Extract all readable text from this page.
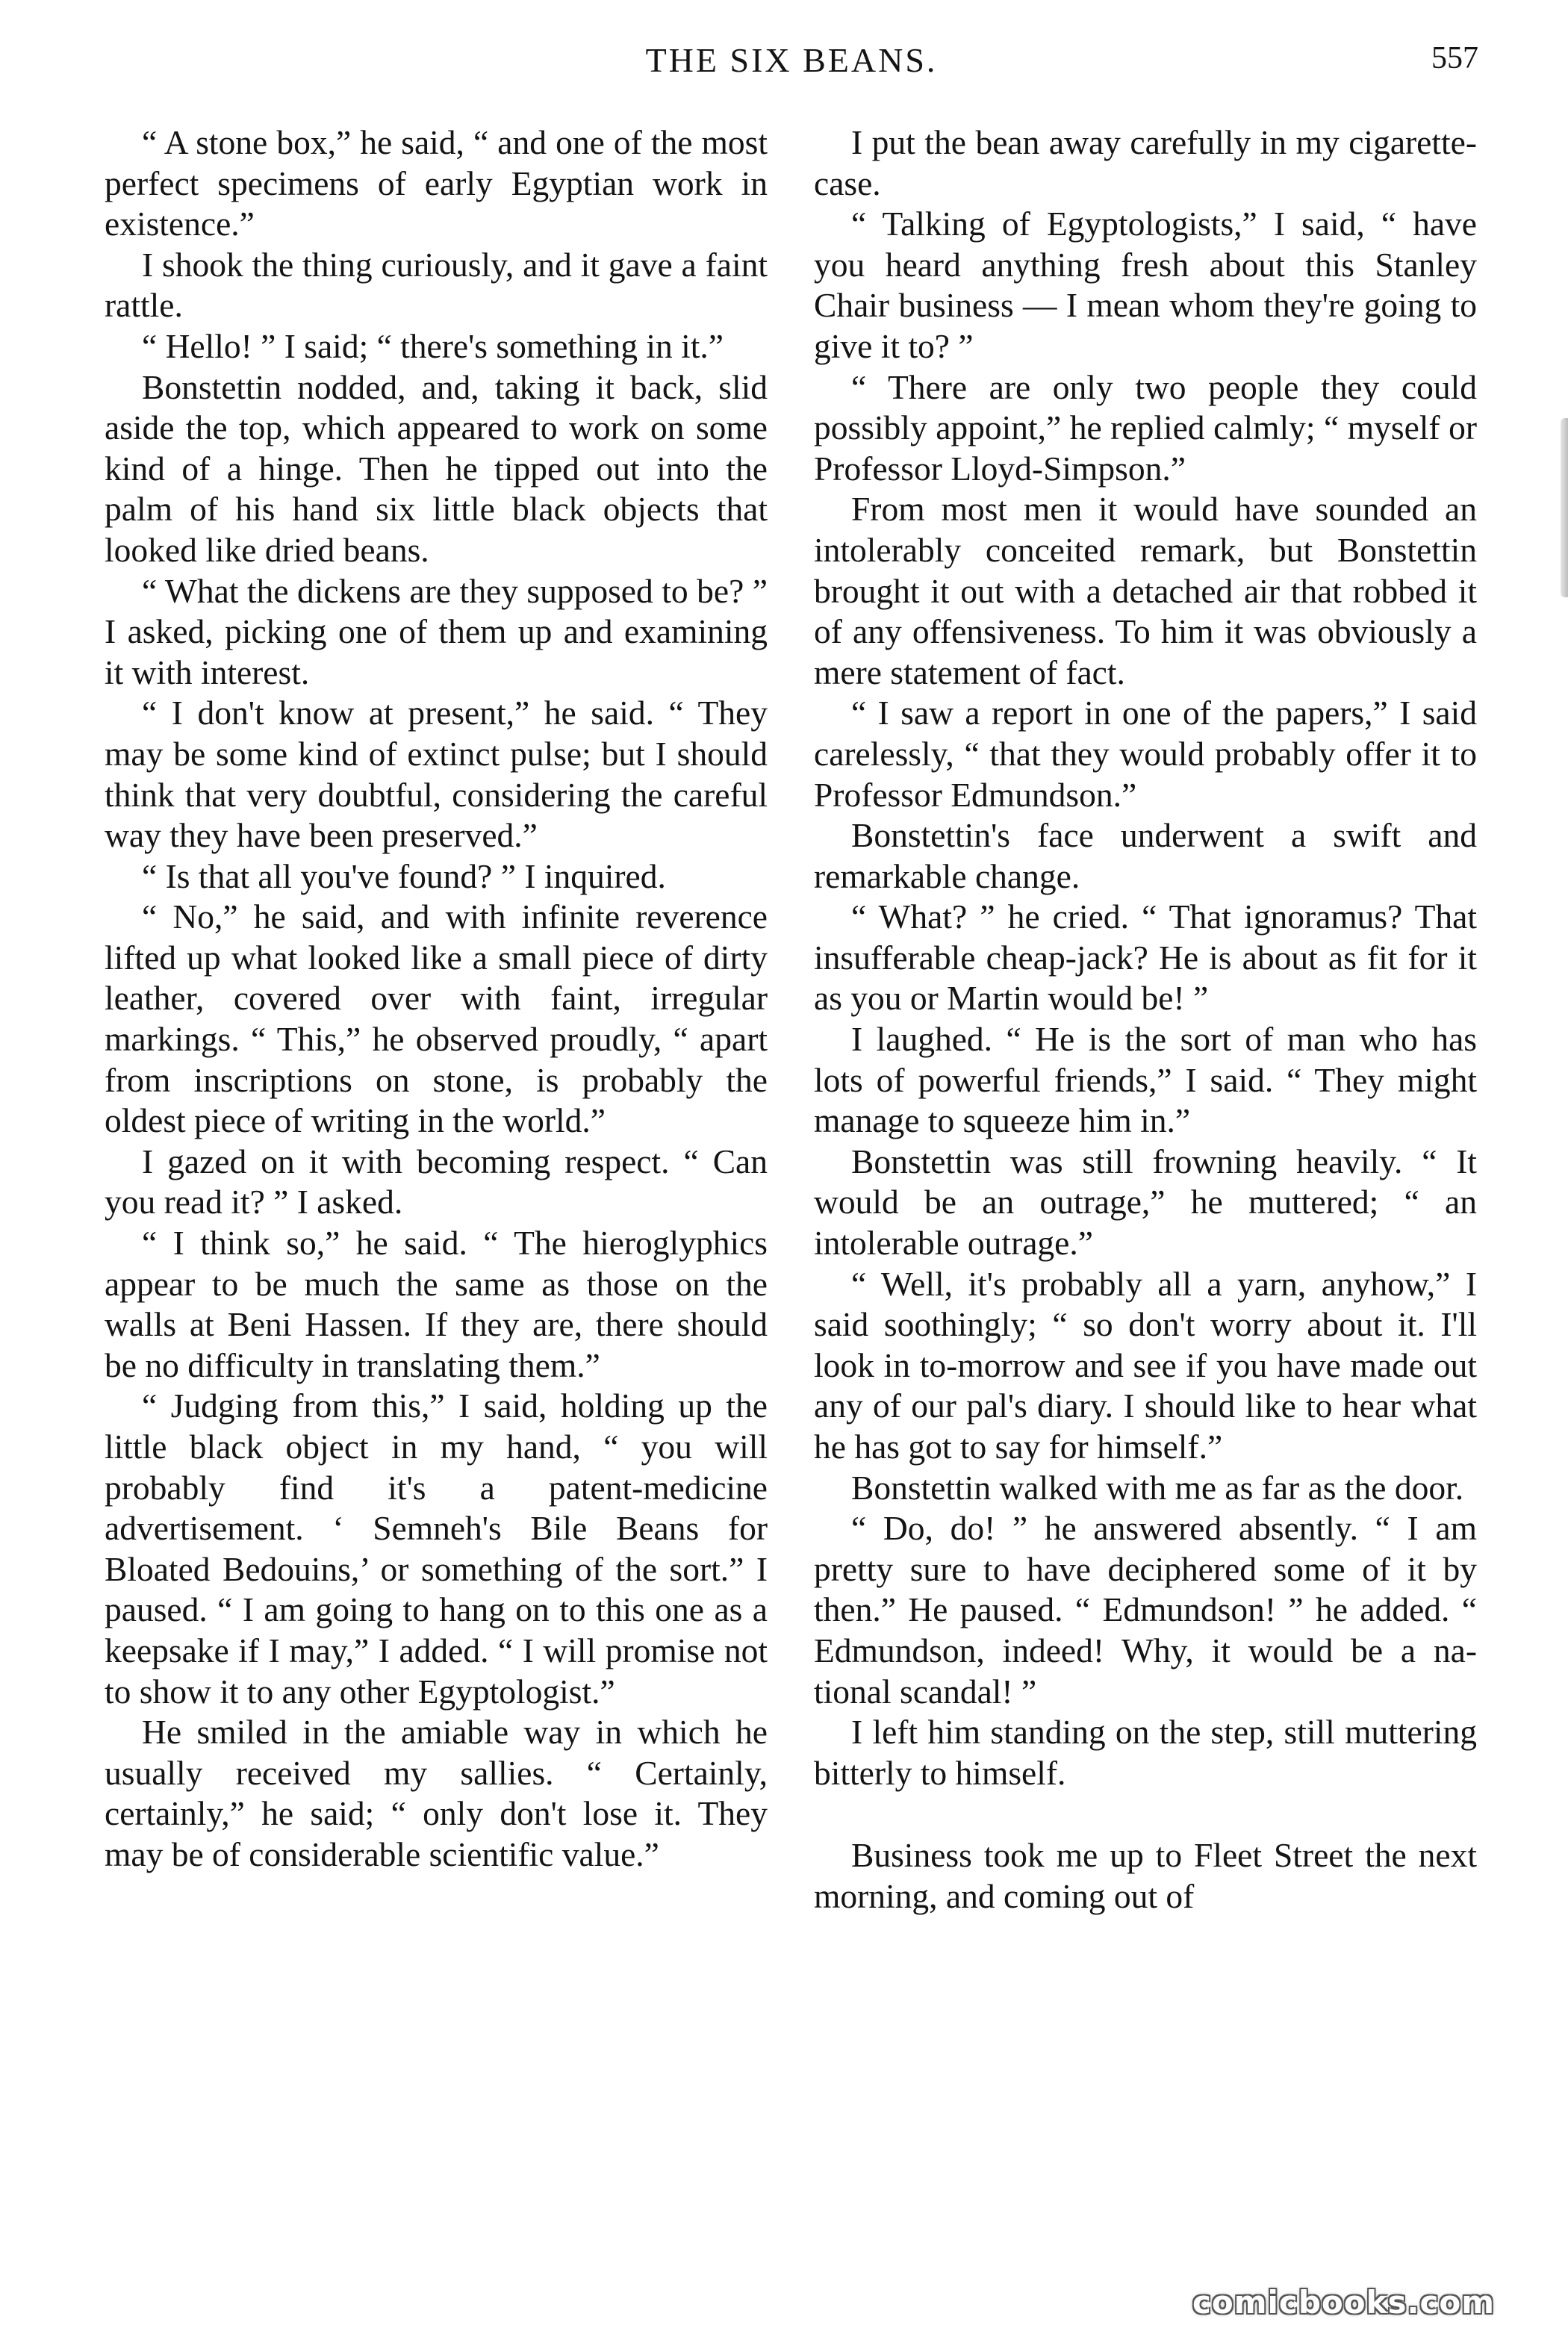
THE SIX BEANS.	557

“ A stone box,” he said, “ and one of the most perfect specimens of early Egyptian work in existence.”

I shook the thing curiously, and it gave a faint rattle.

“ Hello! ” I said; “ there's something in it.”

Bonstettin nodded, and, taking it back, slid aside the top, which appeared to work on some kind of a hinge. Then he tipped out into the palm of his hand six little black objects that looked like dried beans.

“ What the dickens are they supposed to be? ” I asked, picking one of them up and examining it with interest.

“ I don't know at present,” he said. “ They may be some kind of extinct pulse; but I should think that very doubtful, considering the careful way they have been preserved.”

“ Is that all you've found? ” I inquired.

“ No,” he said, and with infinite reverence lifted up what looked like a small piece of dirty leather, covered over with faint, irregular markings. “ This,” he observed proudly, “ apart from inscriptions on stone, is probably the oldest piece of writing in the world.”

I gazed on it with becoming respect. “ Can you read it? ” I asked.

“ I think so,” he said. “ The hieroglyphics appear to be much the same as those on the walls at Beni Hassen. If they are, there should be no difficulty in translating them.”

“ Judging from this,” I said, holding up the little black object in my hand, “ you will probably find it's a patent-medicine advertisement. ‘ Semneh's Bile Beans for Bloated Bedouins,’ or something of the sort.” I paused. “ I am going to hang on to this one as a keepsake if I may,” I added. “ I will promise not to show it to any other Egyptologist.”

He smiled in the amiable way in which he usually received my sallies. “ Certainly, certainly,” he said; “ only don't lose it. They may be of considerable scientific value.”

I put the bean away carefully in my cigarette-case.

“ Talking of Egyptologists,” I said, “ have you heard anything fresh about this Stanley Chair business — I mean whom they're going to give it to? ”

“ There are only two people they could possibly appoint,” he replied calmly; “ myself or Professor Lloyd-Simpson.”

From most men it would have sounded an intolerably conceited remark, but Bonstettin brought it out with a detached air that robbed it of any offensiveness. To him it was obviously a mere statement of fact.

“ I saw a report in one of the papers,” I said carelessly, “ that they would probably offer it to Professor Edmundson.”

Bonstettin's face underwent a swift and remarkable change.

“ What? ” he cried. “ That ignoramus? That insufferable cheap-jack? He is about as fit for it as you or Martin would be! ”

I laughed. “ He is the sort of man who has lots of powerful friends,” I said. “ They might manage to squeeze him in.”

Bonstettin was still frowning heavily. “ It would be an outrage,” he muttered; “ an intolerable outrage.”

“ Well, it's probably all a yarn, anyhow,” I said soothingly; “ so don't worry about it. I'll look in to-morrow and see if you have made out any of our pal's diary. I should like to hear what he has got to say for himself.”

Bonstettin walked with me as far as the door.

“ Do, do! ” he answered absently. “ I am pretty sure to have deciphered some of it by then.” He paused. “ Edmundson! ” he added. “ Edmundson, indeed! Why, it would be a national scandal! ”

I left him standing on the step, still muttering bitterly to himself.

Business took me up to Fleet Street the next morning, and coming out of

comicbooks.com
